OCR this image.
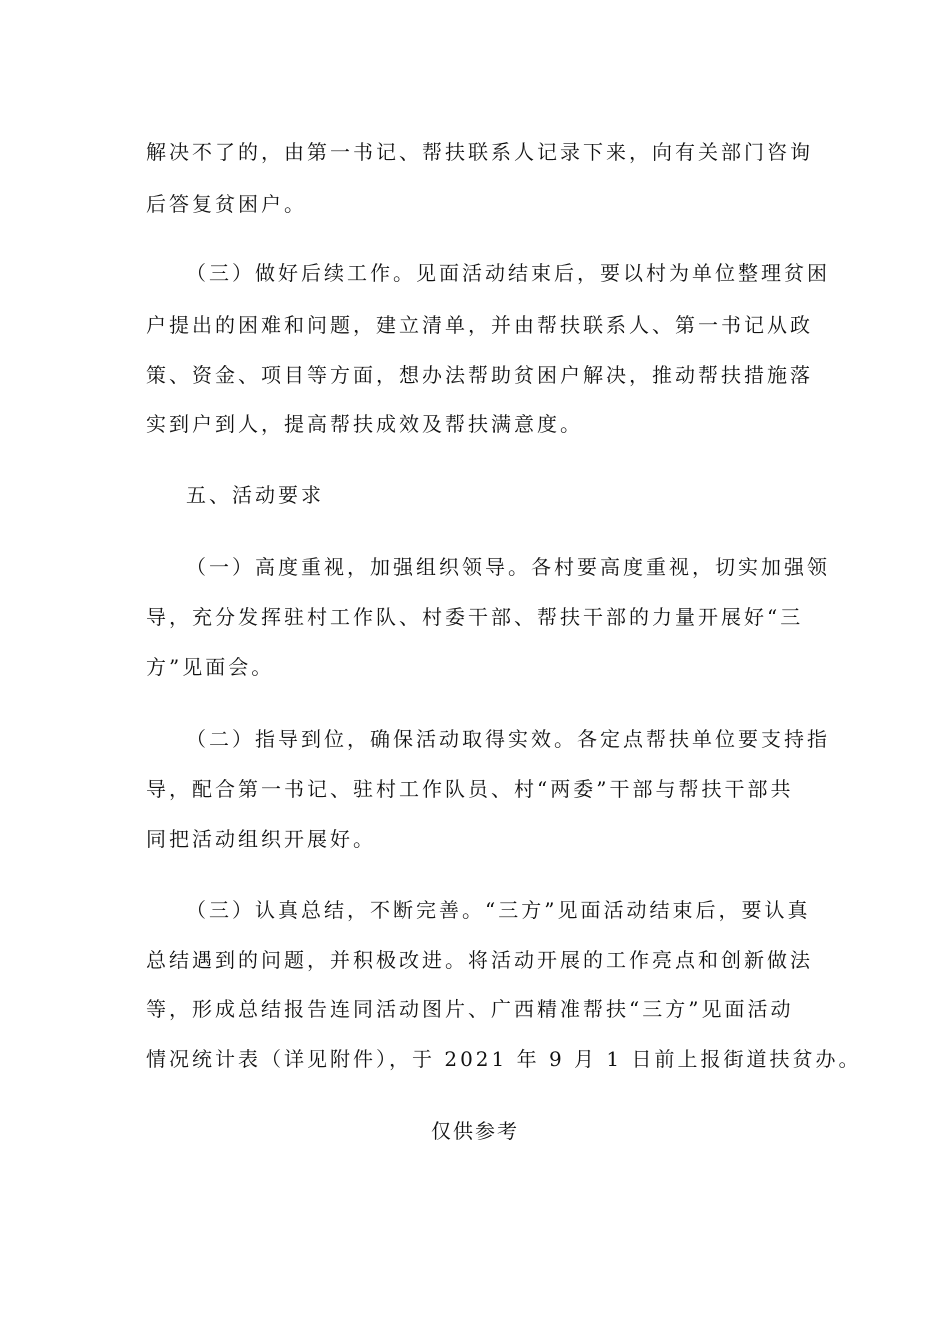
解决不了的，由第一书记、帮扶联系人记录下来，向有关部门咨询
后答复贫困户。
（三）做好后续工作。见面活动结束后，要以村为单位整理贫困
户提出的困难和问题，建立清单，并由帮扶联系人、第一书记从政
策、资金、项目等方面，想办法帮助贫困户解决，推动帮扶措施落
实到户到人，提高帮扶成效及帮扶满意度。
五、活动要求
（一）高度重视，加强组织领导。各村要高度重视，切实加强领
导，充分发挥驻村工作队、村委干部、帮扶干部的力量开展好“三
方”见面会。
（二）指导到位，确保活动取得实效。各定点帮扶单位要支持指
导，配合第一书记、驻村工作队员、村“两委”干部与帮扶干部共
同把活动组织开展好。
（三）认真总结，不断完善。“三方”见面活动结束后，要认真
总结遇到的问题，并积极改进。将活动开展的工作亮点和创新做法
等，形成总结报告连同活动图片、广西精准帮扶“三方”见面活动
情况统计表（详见附件），于 2021 年 9 月 1 日前上报街道扶贫办。
仅供参考
